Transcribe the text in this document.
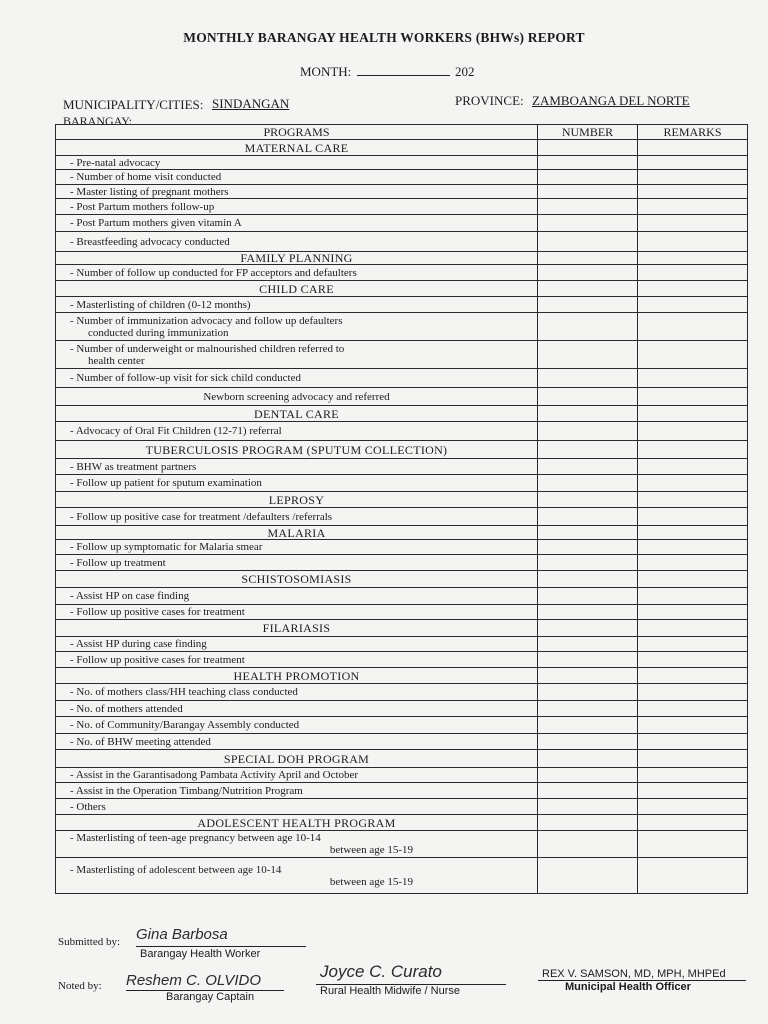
MONTHLY BARANGAY HEALTH WORKERS (BHWs) REPORT
MONTH:	202
MUNICIPALITY/CITIES: SINDANGAN	PROVINCE: ZAMBOANGA DEL NORTE
BARANGAY:
PROGRAMS	NUMBER	REMARKS
MATERNAL CARE		
- Pre-natal advocacy		
- Number of home visit conducted		
- Master listing of pregnant mothers		
- Post Partum mothers follow-up		
- Post Partum mothers given vitamin A		
- Breastfeeding advocacy conducted		
FAMILY PLANNING		
- Number of follow up conducted for FP acceptors and defaulters		
CHILD CARE		
- Masterlisting of children (0-12 months)		
- Number of immunization advocacy and follow up defaulters
conducted during immunization

- Number of underweight or malnourished children referred to
health center

- Number of follow-up visit for sick child conducted		
Newborn screening advocacy and referred		
DENTAL CARE		
- Advocacy of Oral Fit Children (12-71) referral		
TUBERCULOSIS PROGRAM (SPUTUM COLLECTION)		
- BHW as treatment partners		
- Follow up patient for sputum examination		
LEPROSY		
- Follow up positive case for treatment /defaulters /referrals		
MALARIA		
- Follow up symptomatic for Malaria smear		
- Follow up treatment		
SCHISTOSOMIASIS		
- Assist HP on case finding		
- Follow up positive cases for treatment		
FILARIASIS		
- Assist HP during case finding		
- Follow up positive cases for treatment		
HEALTH PROMOTION		
- No. of mothers class/HH teaching class conducted		
- No. of mothers attended		
- No. of Community/Barangay Assembly conducted		
- No. of BHW meeting attended		
SPECIAL DOH PROGRAM		
- Assist in the Garantisadong Pambata Activity April and October		
- Assist in the Operation Timbang/Nutrition Program		
- Others		
ADOLESCENT HEALTH PROGRAM		
- Masterlisting of teen-age pregnancy between age 10-14
between age 15-19

- Masterlisting of adolescent between age 10-14
between age 15-19

Submitted by: Gina Barbosa
Barangay Health Worker
Noted by: Reshem C. OLVIDO
Barangay Captain
Joyce C. Curato
Rural Health Midwife / Nurse
REX V. SAMSON, MD, MPH, MHPEd
Municipal Health Officer
